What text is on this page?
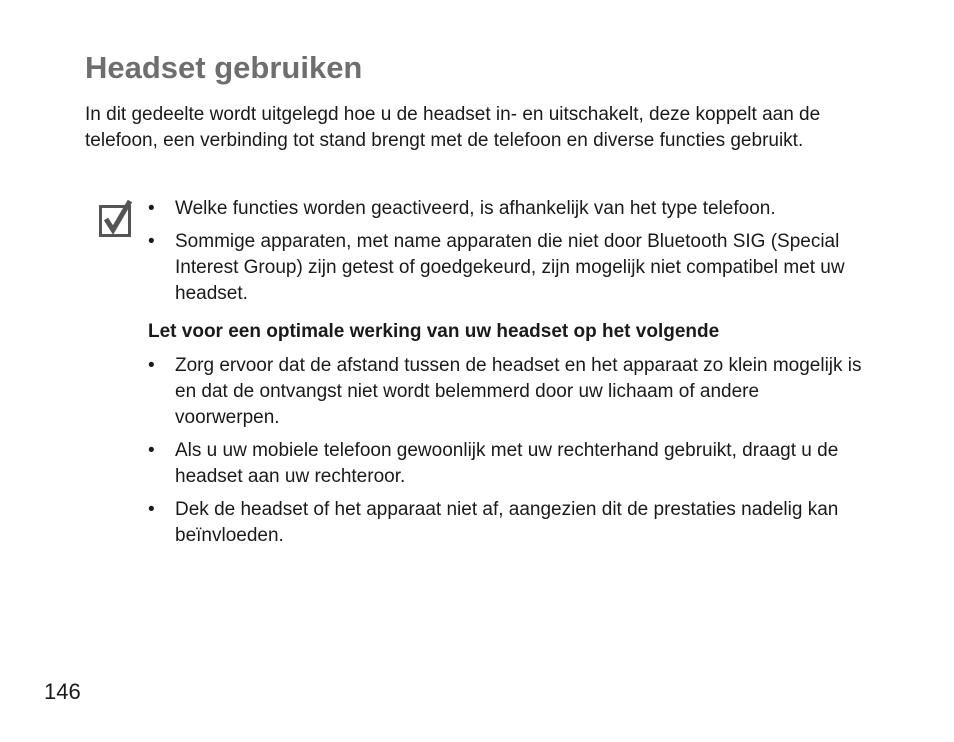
Headset gebruiken

In dit gedeelte wordt uitgelegd hoe u de headset in- en uitschakelt, deze koppelt aan de telefoon, een verbinding tot stand brengt met de telefoon en diverse functies gebruikt.

• Welke functies worden geactiveerd, is afhankelijk van het type telefoon.
• Sommige apparaten, met name apparaten die niet door Bluetooth SIG (Special Interest Group) zijn getest of goedgekeurd, zijn mogelijk niet compatibel met uw headset.

Let voor een optimale werking van uw headset op het volgende

• Zorg ervoor dat de afstand tussen de headset en het apparaat zo klein mogelijk is en dat de ontvangst niet wordt belemmerd door uw lichaam of andere voorwerpen.
• Als u uw mobiele telefoon gewoonlijk met uw rechterhand gebruikt, draagt u de headset aan uw rechteroor.
• Dek de headset of het apparaat niet af, aangezien dit de prestaties nadelig kan beïnvloeden.
146
